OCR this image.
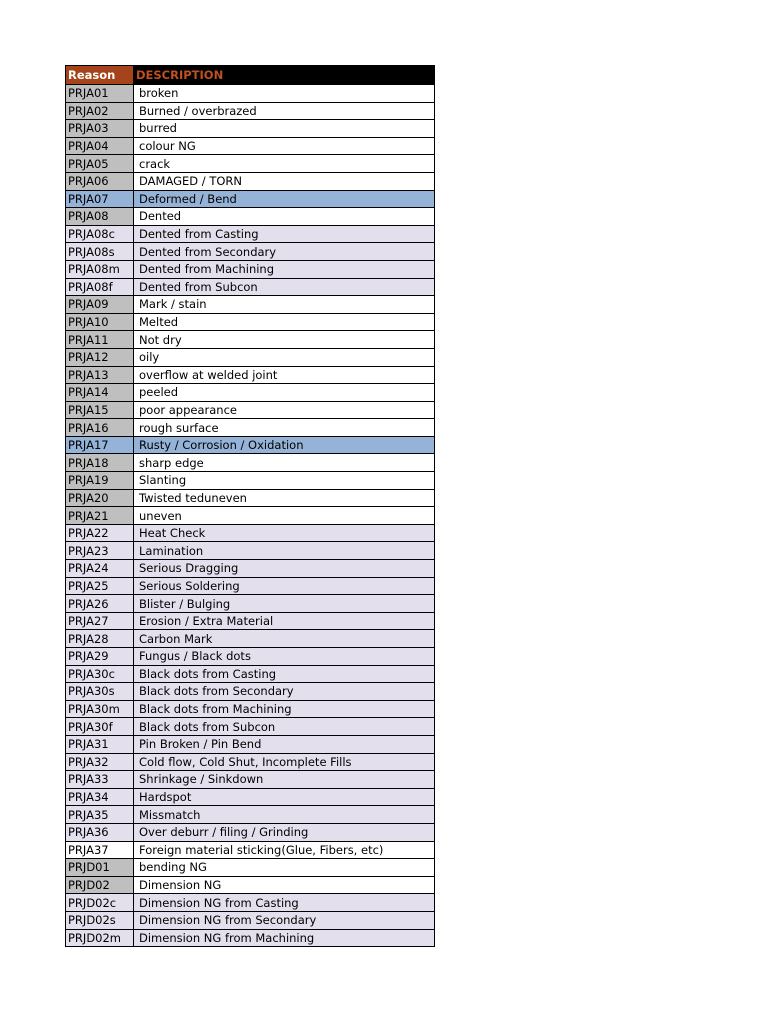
Reason	DESCRIPTION
PRJA01	broken
PRJA02	Burned / overbrazed
PRJA03	burred
PRJA04	colour NG
PRJA05	crack
PRJA06	DAMAGED / TORN
PRJA07	Deformed / Bend
PRJA08	Dented
PRJA08c	Dented from Casting
PRJA08s	Dented from Secondary
PRJA08m	Dented from Machining
PRJA08f	Dented from Subcon
PRJA09	Mark / stain
PRJA10	Melted
PRJA11	Not dry
PRJA12	oily
PRJA13	overflow at welded joint
PRJA14	peeled
PRJA15	poor appearance
PRJA16	rough surface
PRJA17	Rusty / Corrosion / Oxidation
PRJA18	sharp edge
PRJA19	Slanting
PRJA20	Twisted teduneven
PRJA21	uneven
PRJA22	Heat Check
PRJA23	Lamination
PRJA24	Serious Dragging
PRJA25	Serious Soldering
PRJA26	Blister / Bulging
PRJA27	Erosion / Extra Material
PRJA28	Carbon Mark
PRJA29	Fungus / Black dots
PRJA30c	Black dots from Casting
PRJA30s	Black dots from Secondary
PRJA30m	Black dots from Machining
PRJA30f	Black dots from Subcon
PRJA31	Pin Broken / Pin Bend
PRJA32	Cold flow, Cold Shut, Incomplete Fills
PRJA33	Shrinkage / Sinkdown
PRJA34	Hardspot
PRJA35	Missmatch
PRJA36	Over deburr / filing / Grinding
PRJA37	Foreign material sticking(Glue, Fibers, etc)
PRJD01	bending NG
PRJD02	Dimension NG
PRJD02c	Dimension NG from Casting
PRJD02s	Dimension NG from Secondary
PRJD02m	Dimension NG from Machining
